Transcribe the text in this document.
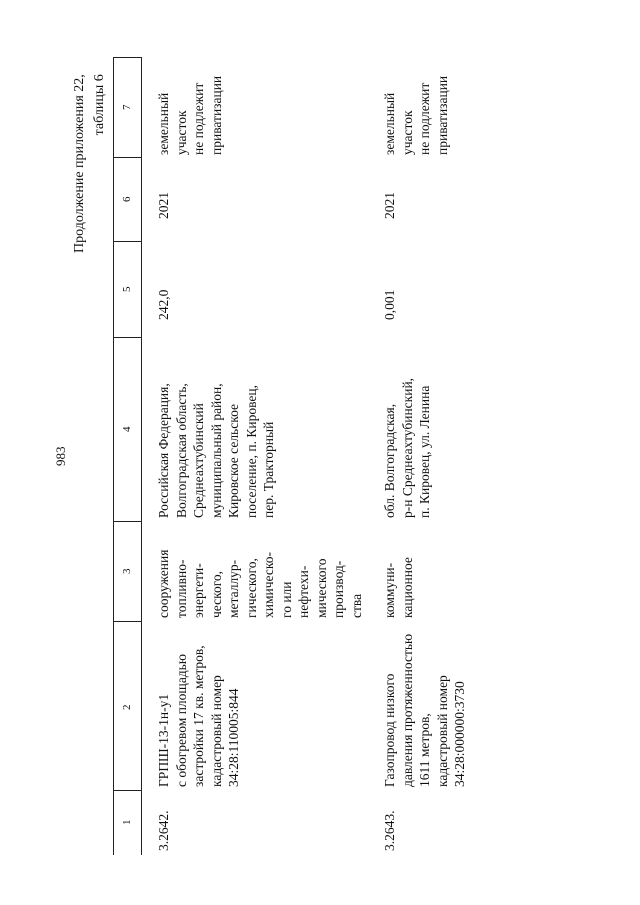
983
Продолжение приложения 22, таблицы 6 7
6
5
4
3
2
1 3.2642.
ГРПШ-13-1н-у1 с обогревом площадью застройки 17 кв. метров, кадастровый номер 34:28:110005:844
сооружения топливно- энергети- ческого, металлур- гического, химическо- го или нефтехи- мического производ- ства
Российская Федерация, Волгоградская область, Среднеахтубинский муниципальный район, Кировское сельское поселение, п. Кировец, пер. Тракторный
242,0
2021
земельный участок не подлежит приватизации
3.2643.
Газопровод низкого давления протяженностью 1611 метров, кадастровый номер 34:28:000000:3730
коммуни- кационное
обл. Волгоградская, р-н Среднеахтубинский, п. Кировец, ул. Ленина
0,001
2021
земельный участок не подлежит приватизации
